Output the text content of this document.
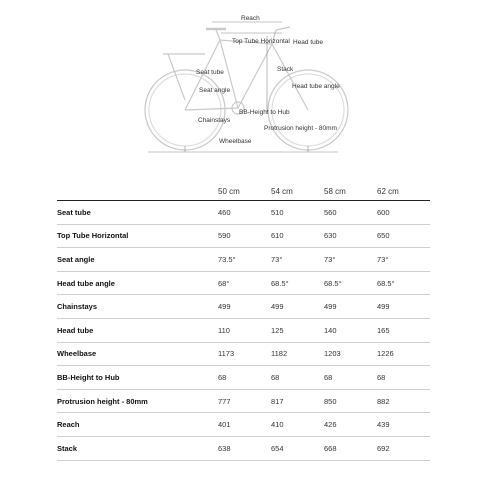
Reach
Top Tube Horizontal Head tube
Seat tube	Stack
Head tube angle
Seat angle
BB-Height to Hub
Chainstays
Protrusion height - 80mm
Wheelbase
	50 cm	54 cm	58 cm	62 cm
Seat tube	460	510	560	600
Top Tube Horizontal	590	610	630	650
Seat angle	73.5°	73°	73°	73°
Head tube angle	68°	68.5°	68.5°	68.5°
Chainstays	499	499	499	499
Head tube	110	125	140	165
Wheelbase	1173	1182	1203	1226
BB-Height to Hub	68	68	68	68
Protrusion height - 80mm	777	817	850	882
Reach	401	410	426	439
Stack	638	654	668	692
